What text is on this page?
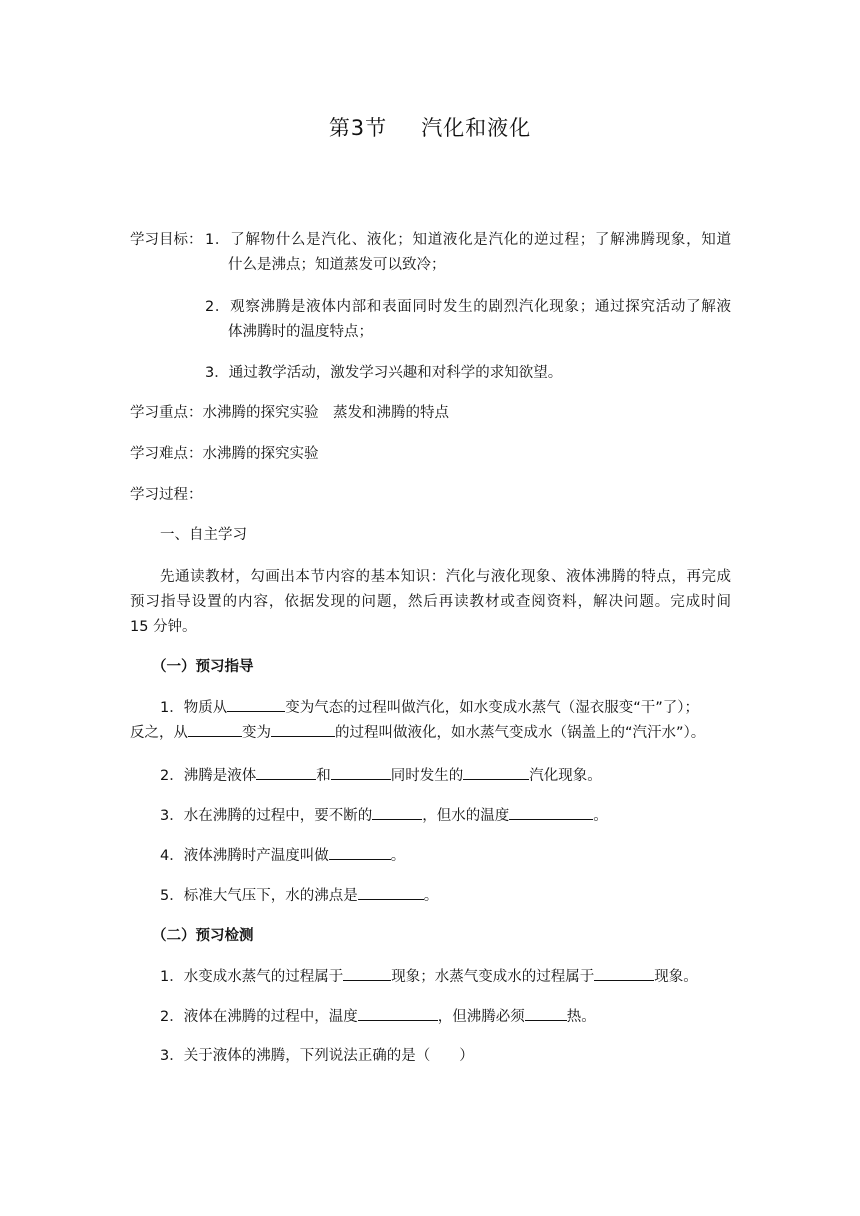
第3节 汽化和液化
学习目标： 1．了解物什么是汽化、液化；知道液化是汽化的逆过程；了解沸腾现象，知道
什么是沸点；知道蒸发可以致冷；
2．观察沸腾是液体内部和表面同时发生的剧烈汽化现象；通过探究活动了解液
体沸腾时的温度特点；
3．通过教学活动，激发学习兴趣和对科学的求知欲望。
学习重点：水沸腾的探究实验　蒸发和沸腾的特点
学习难点：水沸腾的探究实验
学习过程：
一、自主学习
先通读教材，勾画出本节内容的基本知识：汽化与液化现象、液体沸腾的特点，再完成
预习指导设置的内容，依据发现的问题，然后再读教材或查阅资料，解决问题。完成时间
15 分钟。
（一）预习指导
1．物质从	变为气态的过程叫做汽化，如水变成水蒸气（湿衣服变“干”了）；
反之，从	变为	的过程叫做液化，如水蒸气变成水（锅盖上的“汽汗水”）。
2．沸腾是液体	和	同时发生的	汽化现象。
3．水在沸腾的过程中，要不断的	，但水的温度	。
4．液体沸腾时产温度叫做	。
5．标准大气压下，水的沸点是	。
（二）预习检测
1．水变成水蒸气的过程属于	现象；水蒸气变成水的过程属于	现象。
2．液体在沸腾的过程中，温度	，但沸腾必须	热。
3．关于液体的沸腾，下列说法正确的是（　　）
